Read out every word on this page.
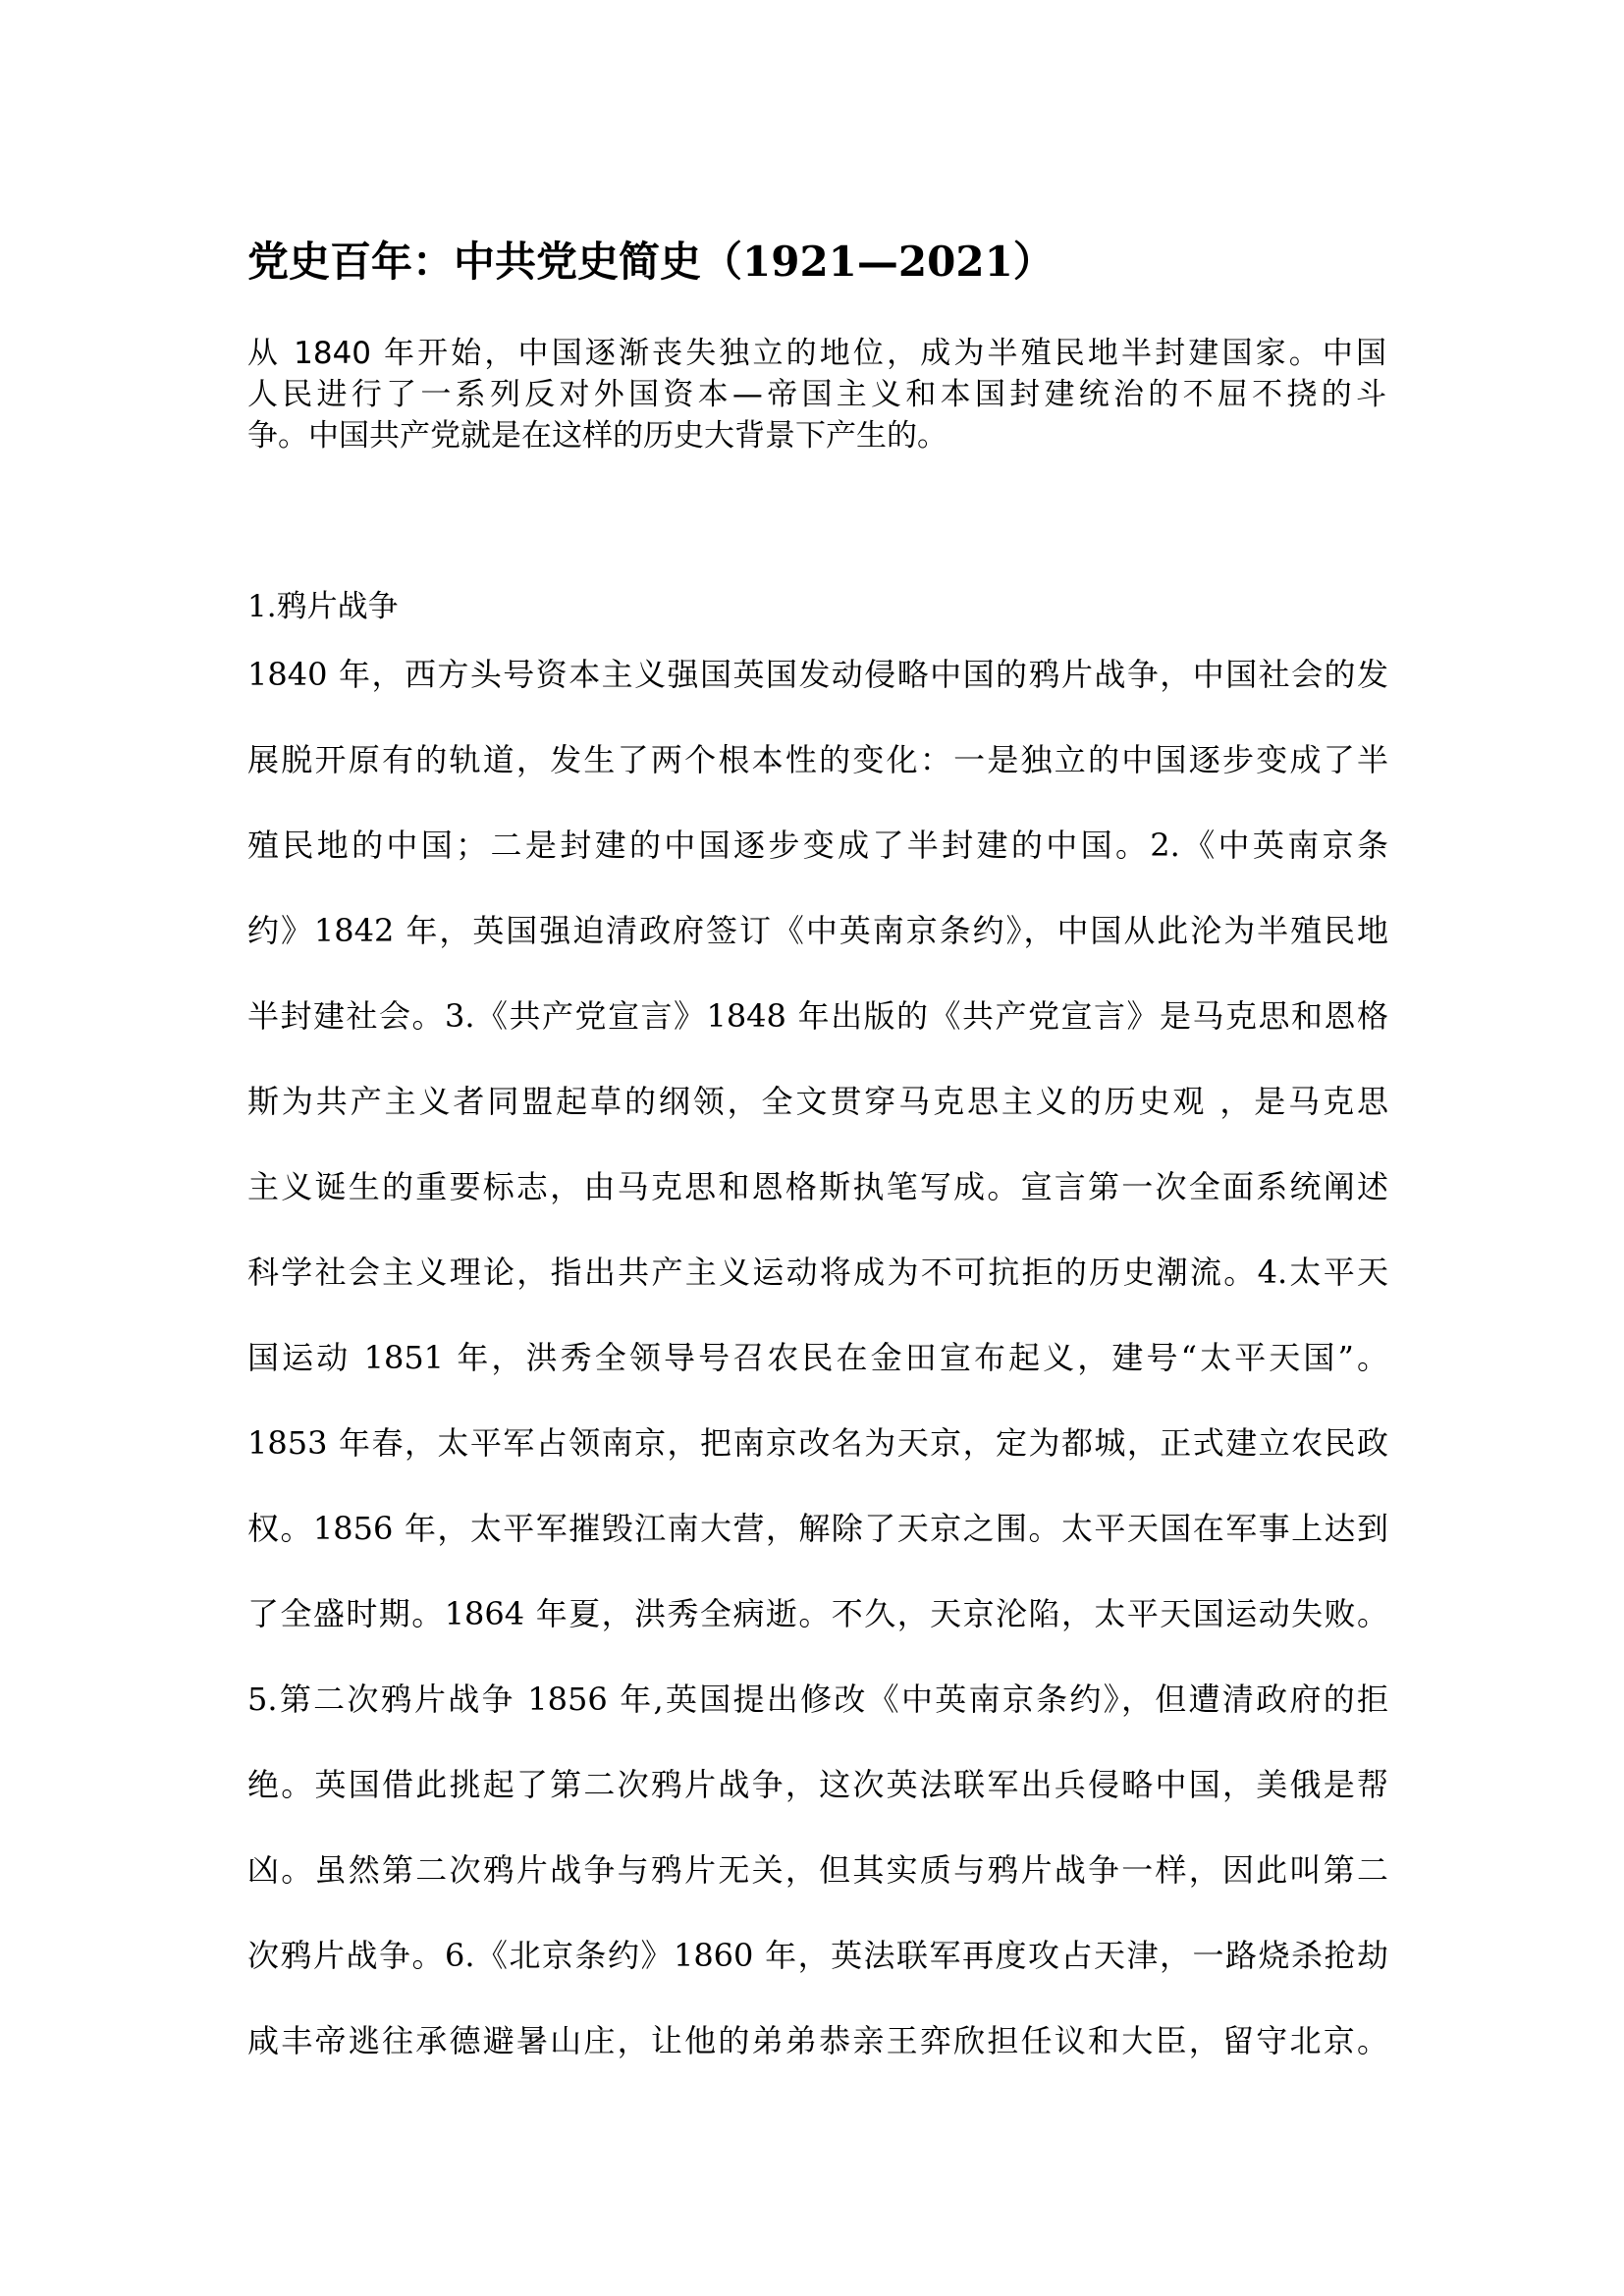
党史百年：中共党史简史（1921—2021）
从 1840 年开始，中国逐渐丧失独立的地位，成为半殖民地半封建国家。中国
人民进行了一系列反对外国资本—帝国主义和本国封建统治的不屈不挠的斗
争。中国共产党就是在这样的历史大背景下产生的。
1.鸦片战争
1840 年，西方头号资本主义强国英国发动侵略中国的鸦片战争，中国社会的发
展脱开原有的轨道，发生了两个根本性的变化：一是独立的中国逐步变成了半
殖民地的中国；二是封建的中国逐步变成了半封建的中国。2.《中英南京条
约》1842 年，英国强迫清政府签订《中英南京条约》，中国从此沦为半殖民地
半封建社会。3.《共产党宣言》1848 年出版的《共产党宣言》是马克思和恩格
斯为共产主义者同盟起草的纲领，全文贯穿马克思主义的历史观 ，是马克思
主义诞生的重要标志，由马克思和恩格斯执笔写成。宣言第一次全面系统阐述
科学社会主义理论，指出共产主义运动将成为不可抗拒的历史潮流。4.太平天
国运动 1851 年，洪秀全领导号召农民在金田宣布起义，建号“太平天国”。
1853 年春，太平军占领南京，把南京改名为天京，定为都城，正式建立农民政
权。1856 年，太平军摧毁江南大营，解除了天京之围。太平天国在军事上达到
了全盛时期。1864 年夏，洪秀全病逝。不久，天京沦陷，太平天国运动失败。
5.第二次鸦片战争 1856 年,英国提出修改《中英南京条约》，但遭清政府的拒
绝。英国借此挑起了第二次鸦片战争，这次英法联军出兵侵略中国，美俄是帮
凶。虽然第二次鸦片战争与鸦片无关，但其实质与鸦片战争一样，因此叫第二
次鸦片战争。6.《北京条约》1860 年，英法联军再度攻占天津，一路烧杀抢劫
咸丰帝逃往承德避暑山庄，让他的弟弟恭亲王弈欣担任议和大臣，留守北京。
